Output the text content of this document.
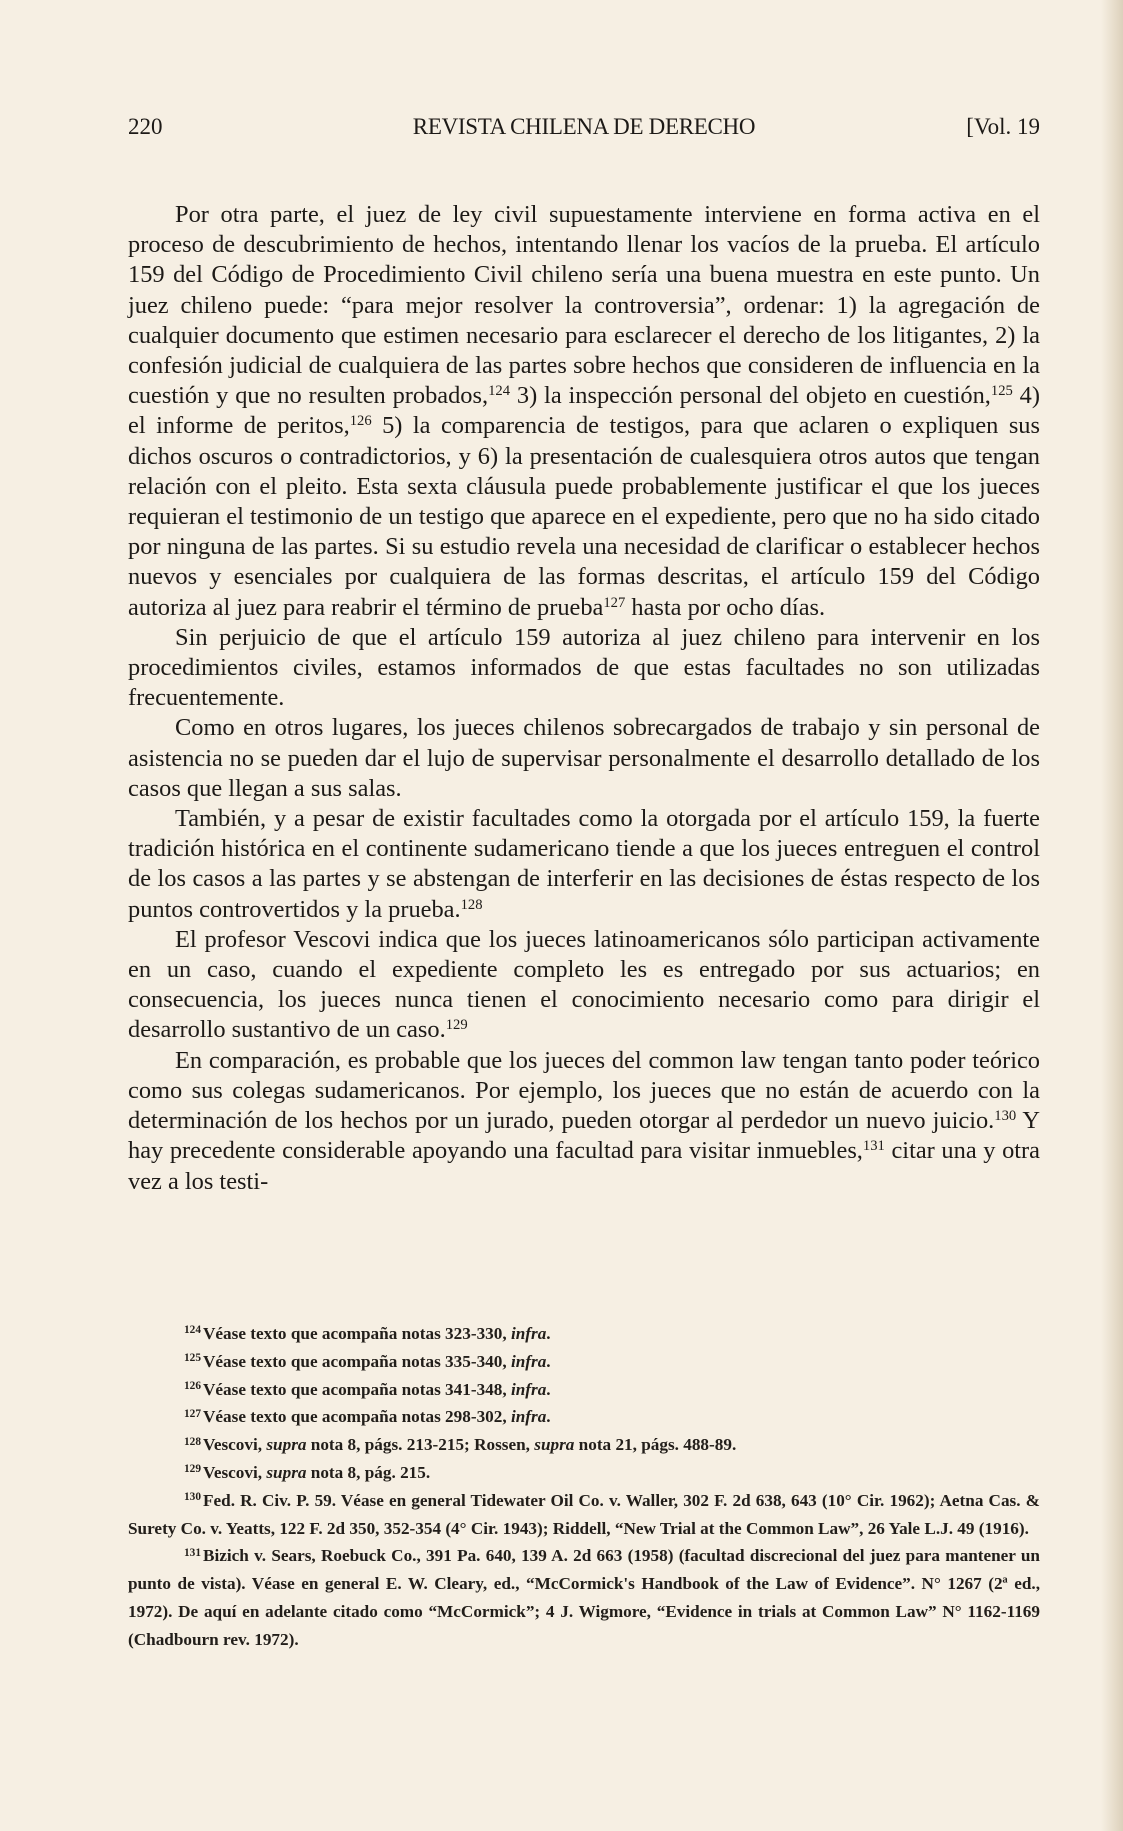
220	REVISTA CHILENA DE DERECHO	[Vol. 19

Por otra parte, el juez de ley civil supuestamente interviene en forma activa en el proceso de descubrimiento de hechos, intentando llenar los vacíos de la prueba. El artículo 159 del Código de Procedimiento Civil chileno sería una buena muestra en este punto. Un juez chileno puede: “para mejor resolver la controversia”, ordenar: 1) la agregación de cualquier documento que estimen necesario para esclarecer el derecho de los litigantes, 2) la confesión judicial de cualquiera de las partes sobre hechos que consideren de influencia en la cuestión y que no resulten probados,$^{124}$ 3) la inspección personal del objeto en cuestión,$^{125}$ 4) el informe de peritos,$^{126}$ 5) la comparencia de testigos, para que aclaren o expliquen sus dichos oscuros o contradictorios, y 6) la presentación de cualesquiera otros autos que tengan relación con el pleito. Esta sexta cláusula puede probablemente justificar el que los jueces requieran el testimonio de un testigo que aparece en el expediente, pero que no ha sido citado por ninguna de las partes. Si su estudio revela una necesidad de clarificar o establecer hechos nuevos y esenciales por cualquiera de las formas descritas, el artículo 159 del Código autoriza al juez para reabrir el término de prueba$^{127}$ hasta por ocho días.

Sin perjuicio de que el artículo 159 autoriza al juez chileno para intervenir en los procedimientos civiles, estamos informados de que estas facultades no son utilizadas frecuentemente.

Como en otros lugares, los jueces chilenos sobrecargados de trabajo y sin personal de asistencia no se pueden dar el lujo de supervisar personalmente el desarrollo detallado de los casos que llegan a sus salas.

También, y a pesar de existir facultades como la otorgada por el artículo 159, la fuerte tradición histórica en el continente sudamericano tiende a que los jueces entreguen el control de los casos a las partes y se abstengan de interferir en las decisiones de éstas respecto de los puntos controvertidos y la prueba.$^{128}$

El profesor Vescovi indica que los jueces latinoamericanos sólo participan activamente en un caso, cuando el expediente completo les es entregado por sus actuarios; en consecuencia, los jueces nunca tienen el conocimiento necesario como para dirigir el desarrollo sustantivo de un caso.$^{129}$

En comparación, es probable que los jueces del common law tengan tanto poder teórico como sus colegas sudamericanos. Por ejemplo, los jueces que no están de acuerdo con la determinación de los hechos por un jurado, pueden otorgar al perdedor un nuevo juicio.$^{130}$ Y hay precedente considerable apoyando una facultad para visitar inmuebles,$^{131}$ citar una y otra vez a los testi-

$^{124}$ Véase texto que acompaña notas 323-330, infra.

$^{125}$ Véase texto que acompaña notas 335-340, infra.

$^{126}$ Véase texto que acompaña notas 341-348, infra.

$^{127}$ Véase texto que acompaña notas 298-302, infra.

$^{128}$ Vescovi, supra nota 8, págs. 213-215; Rossen, supra nota 21, págs. 488-89.

$^{129}$ Vescovi, supra nota 8, pág. 215.

$^{130}$ Fed. R. Civ. P. 59. Véase en general Tidewater Oil Co. v. Waller, 302 F. 2d 638, 643 (10° Cir. 1962); Aetna Cas. & Surety Co. v. Yeatts, 122 F. 2d 350, 352-354 (4° Cir. 1943); Riddell, “New Trial at the Common Law”, 26 Yale L.J. 49 (1916).

$^{131}$ Bizich v. Sears, Roebuck Co., 391 Pa. 640, 139 A. 2d 663 (1958) (facultad discrecional del juez para mantener un punto de vista). Véase en general E. W. Cleary, ed., “McCormick's Handbook of the Law of Evidence”. N° 1267 (2ª ed., 1972). De aquí en adelante citado como “McCormick”; 4 J. Wigmore, “Evidence in trials at Common Law” N° 1162-1169 (Chadbourn rev. 1972).
